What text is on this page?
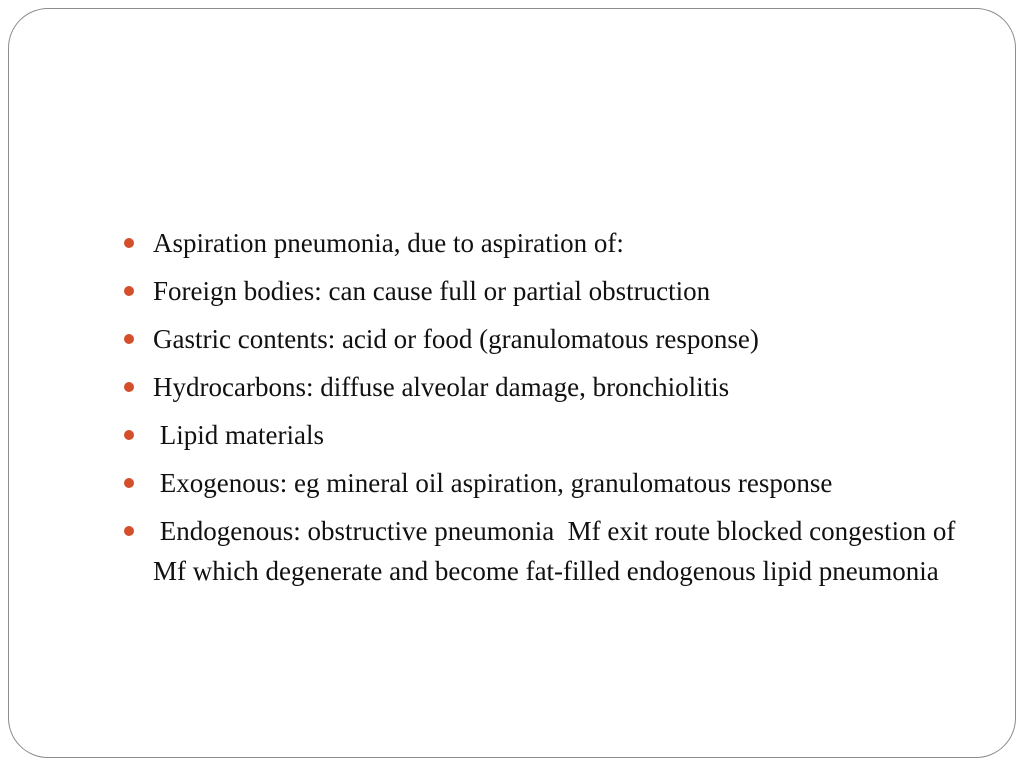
Aspiration pneumonia, due to aspiration of:
Foreign bodies: can cause full or partial obstruction
Gastric contents: acid or food (granulomatous response)
Hydrocarbons: diffuse alveolar damage, bronchiolitis
Lipid materials
Exogenous: eg mineral oil aspiration, granulomatous response
Endogenous: obstructive pneumonia  Mf exit route blocked congestion of Mf which degenerate and become fat-filled endogenous lipid pneumonia
